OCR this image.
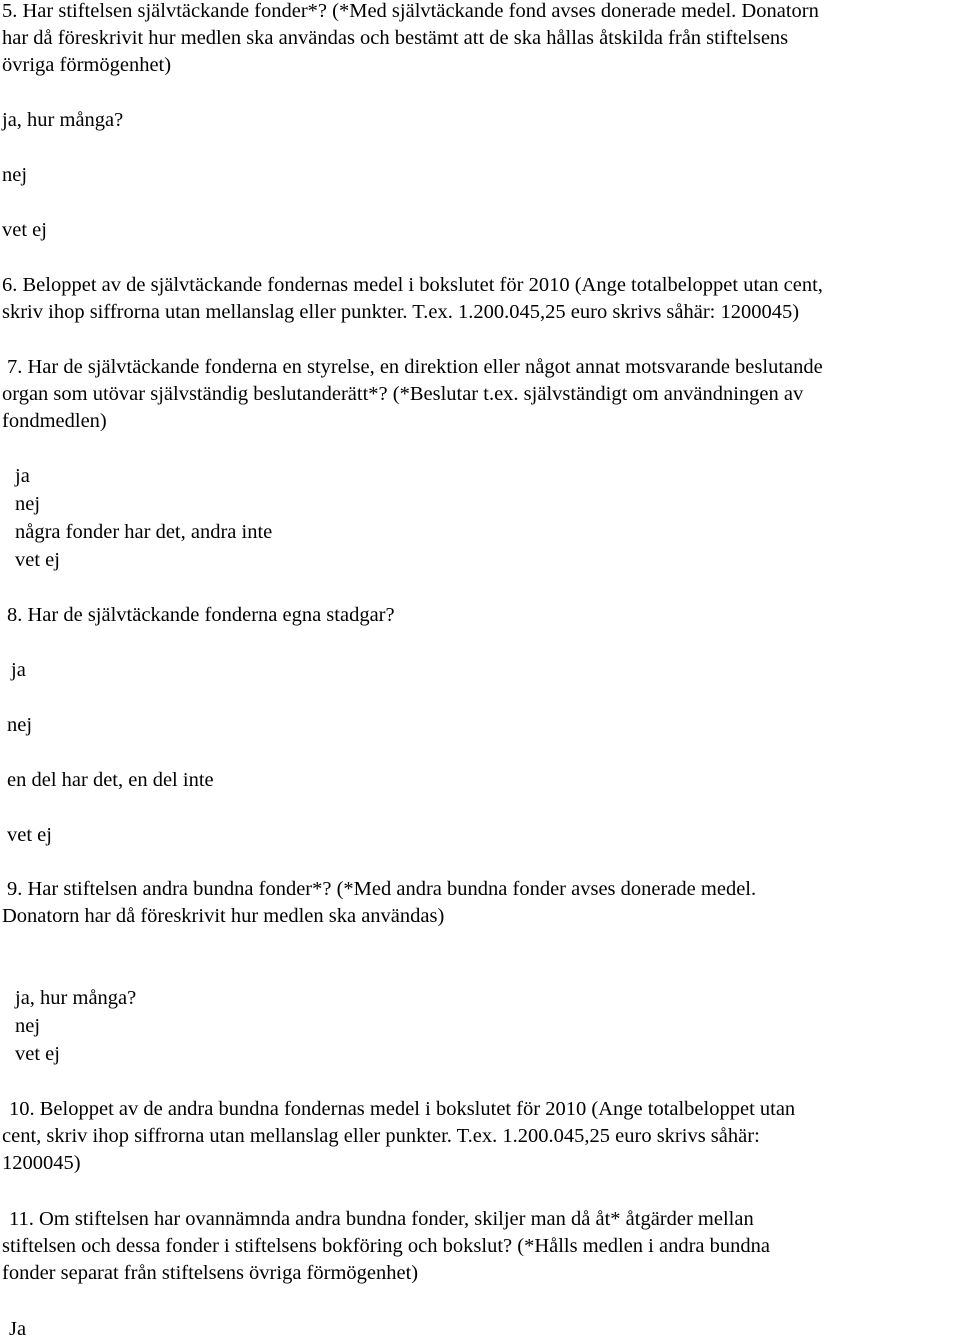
5. Har stiftelsen självtäckande fonder*? (*Med självtäckande fond avses donerade medel. Donatorn
har då föreskrivit hur medlen ska användas och bestämt att de ska hållas åtskilda från stiftelsens
övriga förmögenhet)
ja, hur många?
nej
vet ej
6. Beloppet av de självtäckande fondernas medel i bokslutet för 2010 (Ange totalbeloppet utan cent,
skriv ihop siffrorna utan mellanslag eller punkter. T.ex. 1.200.045,25 euro skrivs såhär: 1200045)
7. Har de självtäckande fonderna en styrelse, en direktion eller något annat motsvarande beslutande
organ som utövar självständig beslutanderätt*? (*Beslutar t.ex. självständigt om användningen av
fondmedlen)
ja
nej
några fonder har det, andra inte
vet ej
8. Har de självtäckande fonderna egna stadgar?
ja
nej
en del har det, en del inte
vet ej
9. Har stiftelsen andra bundna fonder*? (*Med andra bundna fonder avses donerade medel.
Donatorn har då föreskrivit hur medlen ska användas)
ja, hur många?
nej
vet ej
10. Beloppet av de andra bundna fondernas medel i bokslutet för 2010 (Ange totalbeloppet utan
cent, skriv ihop siffrorna utan mellanslag eller punkter. T.ex. 1.200.045,25 euro skrivs såhär:
1200045)
11. Om stiftelsen har ovannämnda andra bundna fonder, skiljer man då åt* åtgärder mellan
stiftelsen och dessa fonder i stiftelsens bokföring och bokslut? (*Hålls medlen i andra bundna
fonder separat från stiftelsens övriga förmögenhet)
Ja
